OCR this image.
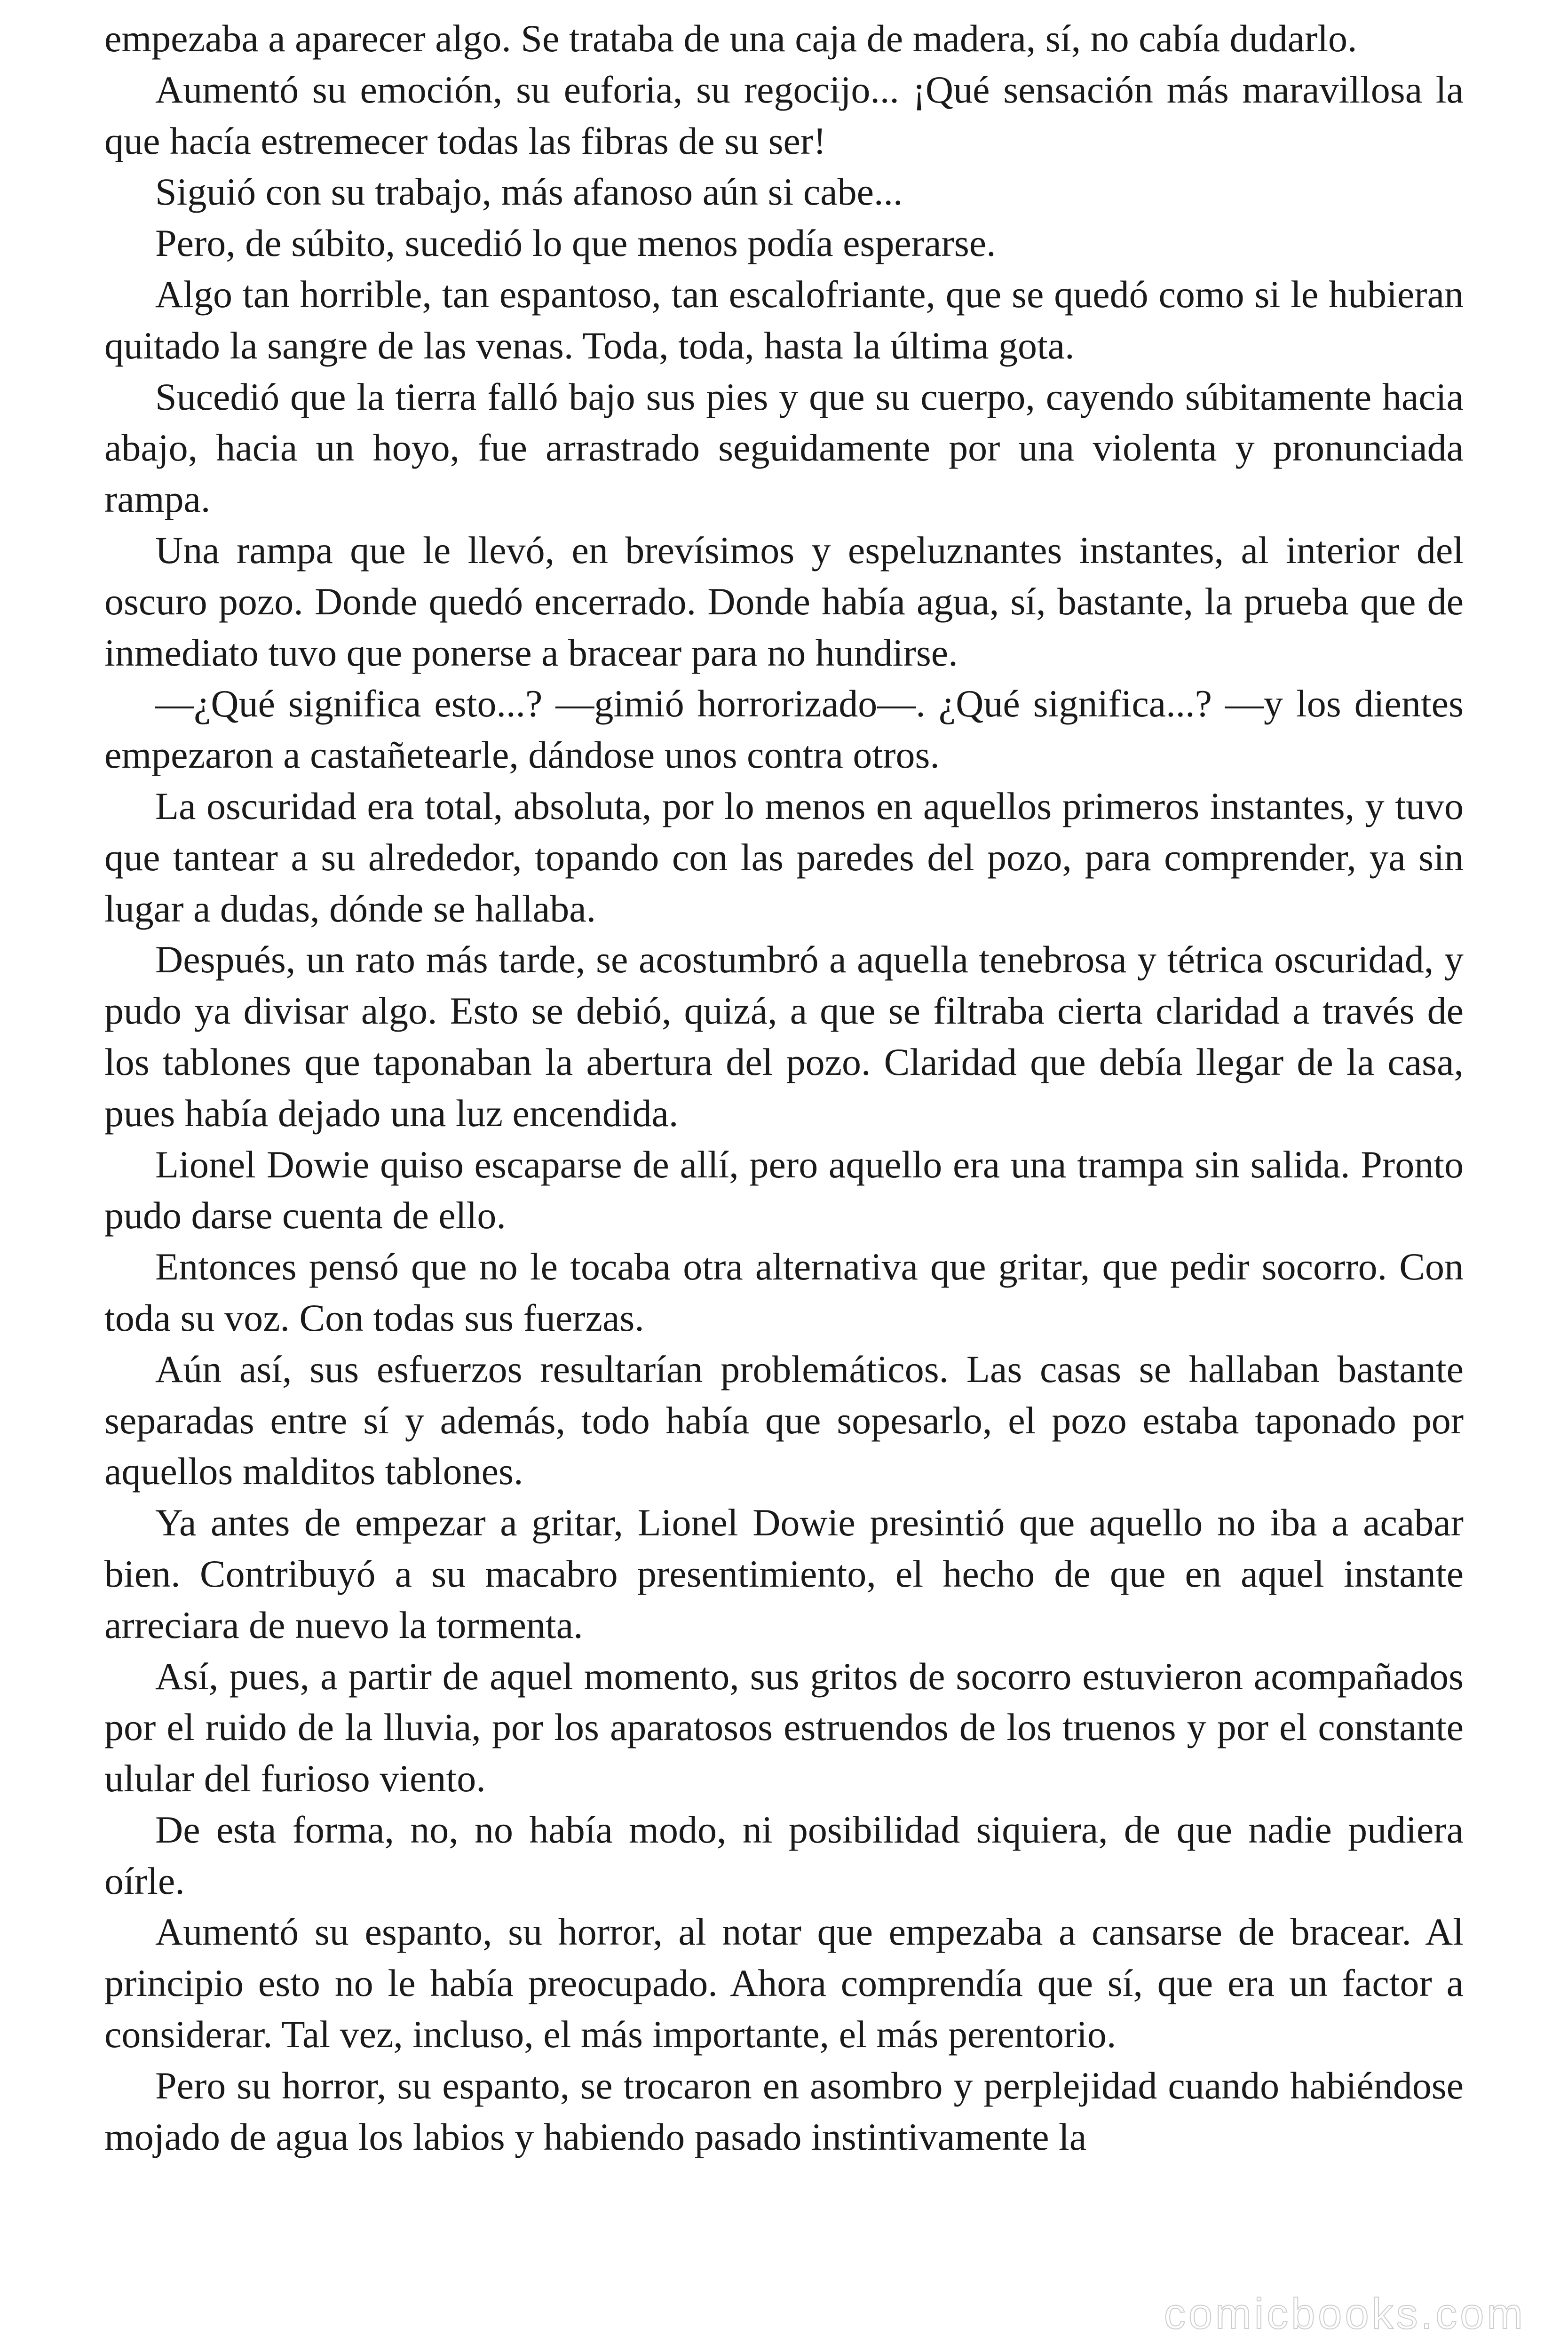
empezaba a aparecer algo. Se trataba de una caja de madera, sí, no cabía dudarlo.

Aumentó su emoción, su euforia, su regocijo... ¡Qué sensación más maravillosa la que hacía estremecer todas las fibras de su ser!

Siguió con su trabajo, más afanoso aún si cabe...

Pero, de súbito, sucedió lo que menos podía esperarse.

Algo tan horrible, tan espantoso, tan escalofriante, que se quedó como si le hubieran quitado la sangre de las venas. Toda, toda, hasta la última gota.

Sucedió que la tierra falló bajo sus pies y que su cuerpo, cayendo súbitamente hacia abajo, hacia un hoyo, fue arrastrado seguidamente por una violenta y pronunciada rampa.

Una rampa que le llevó, en brevísimos y espeluznantes instantes, al interior del oscuro pozo. Donde quedó encerrado. Donde había agua, sí, bastante, la prueba que de inmediato tuvo que ponerse a bracear para no hundirse.

—¿Qué significa esto...? —gimió horrorizado—. ¿Qué significa...? —y los dientes empezaron a castañetearle, dándose unos contra otros.

La oscuridad era total, absoluta, por lo menos en aquellos primeros instantes, y tuvo que tantear a su alrededor, topando con las paredes del pozo, para comprender, ya sin lugar a dudas, dónde se hallaba.

Después, un rato más tarde, se acostumbró a aquella tenebrosa y tétrica oscuridad, y pudo ya divisar algo. Esto se debió, quizá, a que se filtraba cierta claridad a través de los tablones que taponaban la abertura del pozo. Claridad que debía llegar de la casa, pues había dejado una luz encendida.

Lionel Dowie quiso escaparse de allí, pero aquello era una trampa sin salida. Pronto pudo darse cuenta de ello.

Entonces pensó que no le tocaba otra alternativa que gritar, que pedir socorro. Con toda su voz. Con todas sus fuerzas.

Aún así, sus esfuerzos resultarían problemáticos. Las casas se hallaban bastante separadas entre sí y además, todo había que sopesarlo, el pozo estaba taponado por aquellos malditos tablones.

Ya antes de empezar a gritar, Lionel Dowie presintió que aquello no iba a acabar bien. Contribuyó a su macabro presentimiento, el hecho de que en aquel instante arreciara de nuevo la tormenta.

Así, pues, a partir de aquel momento, sus gritos de socorro estuvieron acompañados por el ruido de la lluvia, por los aparatosos estruendos de los truenos y por el constante ulular del furioso viento.

De esta forma, no, no había modo, ni posibilidad siquiera, de que nadie pudiera oírle.

Aumentó su espanto, su horror, al notar que empezaba a cansarse de bracear. Al principio esto no le había preocupado. Ahora comprendía que sí, que era un factor a considerar. Tal vez, incluso, el más importante, el más perentorio.

Pero su horror, su espanto, se trocaron en asombro y perplejidad cuando habiéndose mojado de agua los labios y habiendo pasado instintivamente la

comicbooks.com
